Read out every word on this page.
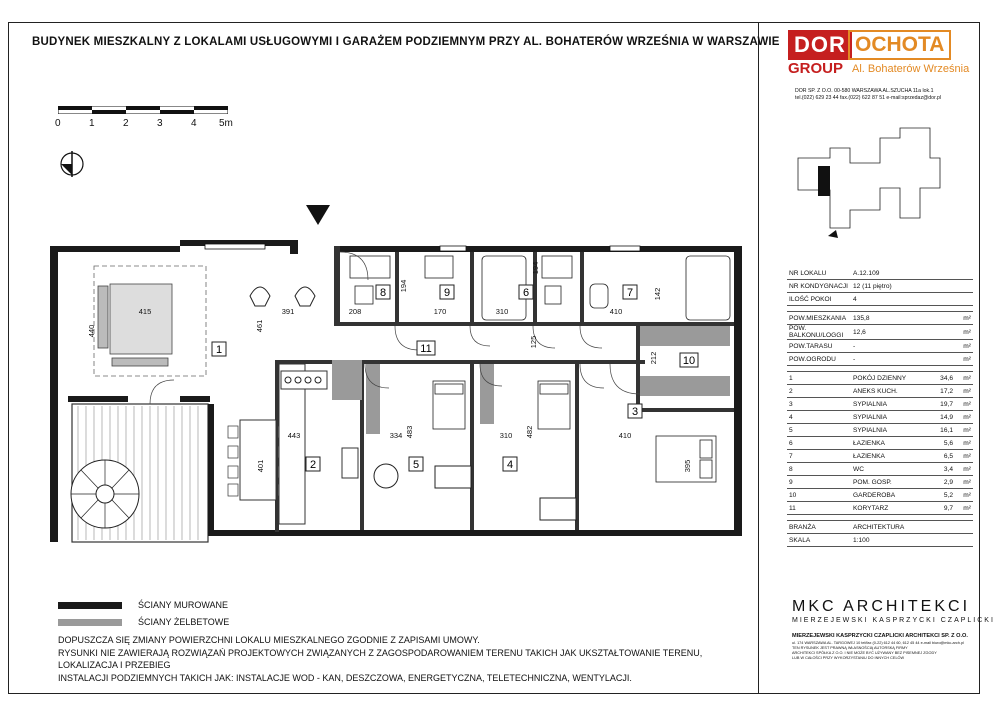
BUDYNEK MIESZKALNY Z LOKALAMI USŁUGOWYMI I GARAŻEM PODZIEMNYM PRZY AL. BOHATERÓW WRZEŚNIA W WARSZAWIE
0	1	2	3	4 5m
1
2
3
4
5
6	7
8	9
10
11
415
440	461
391	208
194
170	310
194
410
142
212
125
443
401
334 483	310 482	410
395
ŚCIANY MUROWANE
ŚCIANY ŻELBETOWE
DOPUSZCZA SIĘ ZMIANY POWIERZCHNI LOKALU MIESZKALNEGO ZGODNIE Z ZAPISAMI UMOWY.
RYSUNKI NIE ZAWIERAJĄ ROZWIĄZAŃ PROJEKTOWYCH ZWIĄZANYCH Z ZAGOSPODAROWANIEM TERENU TAKICH JAK UKSZTAŁTOWANIE TERENU, LOKALIZACJA I PRZEBIEG
INSTALACJI PODZIEMNYCH TAKICH JAK: INSTALACJE WOD - KAN, DESZCZOWA, ENERGETYCZNA, TELETECHNICZNA, WENTYLACJI.
DOR OCHOTA
GROUP Al. Bohaterów Września
DOR SP. Z O.O. 00-580 WARSZAWA AL.SZUCHA 11a lok.1
tel.(022) 629 23 44 fax.(022) 622 87 51 e-mail:sprzedaz@dor.pl
NR LOKALU	A.12.109	
NR KONDYGNACJI	12 (11 piętro)	
ILOŚĆ POKOI	4	

POW.MIESZKANIA	135,8	m²
POW. BALKONU/LOGGI	12,6	m²
POW.TARASU	-	m²
POW.OGRODU	-	m²

1	POKÓJ DZIENNY 34,6	m²
2	ANEKS KUCH. 17,2	m²
3	SYPIALNIA 19,7	m²
4	SYPIALNIA 14,9	m²
5	SYPIALNIA 16,1	m²
6	ŁAZIENKA 5,6	m²
7	ŁAZIENKA 6,5	m²
8	WC 3,4	m²
9	POM. GOSP. 2,9	m²
10	GARDEROBA 5,2	m²
11	KORYTARZ 9,7	m²

BRANŻA	ARCHITEKTURA	
SKALA	1:100	
MKC ARCHITEKCI
MIERZEJEWSKI KASPRZYCKI CZAPLICKI
MIERZEJEWSKI KASPRZYCKI CZAPLICKI ARCHITEKCI SP. Z O.O.
ul. 174 WARSZAWA AL. TARGOWEJ 10 tel/fax (0-22) 612 44 60, 612 45 44 e-mail biuro@mkc-arch.pl
TEN RYSUNEK JEST PRAWNĄ WŁASNOŚCIĄ AUTORSKĄ FIRMY
ARCHITEKCI SPÓŁKA Z O.O. I NIE MOŻE BYĆ UŻYWANY BEZ PISEMNEJ ZGODY
LUB W CAŁOŚCI PRZY WYKORZYSTANIU DO INNYCH CELÓW
